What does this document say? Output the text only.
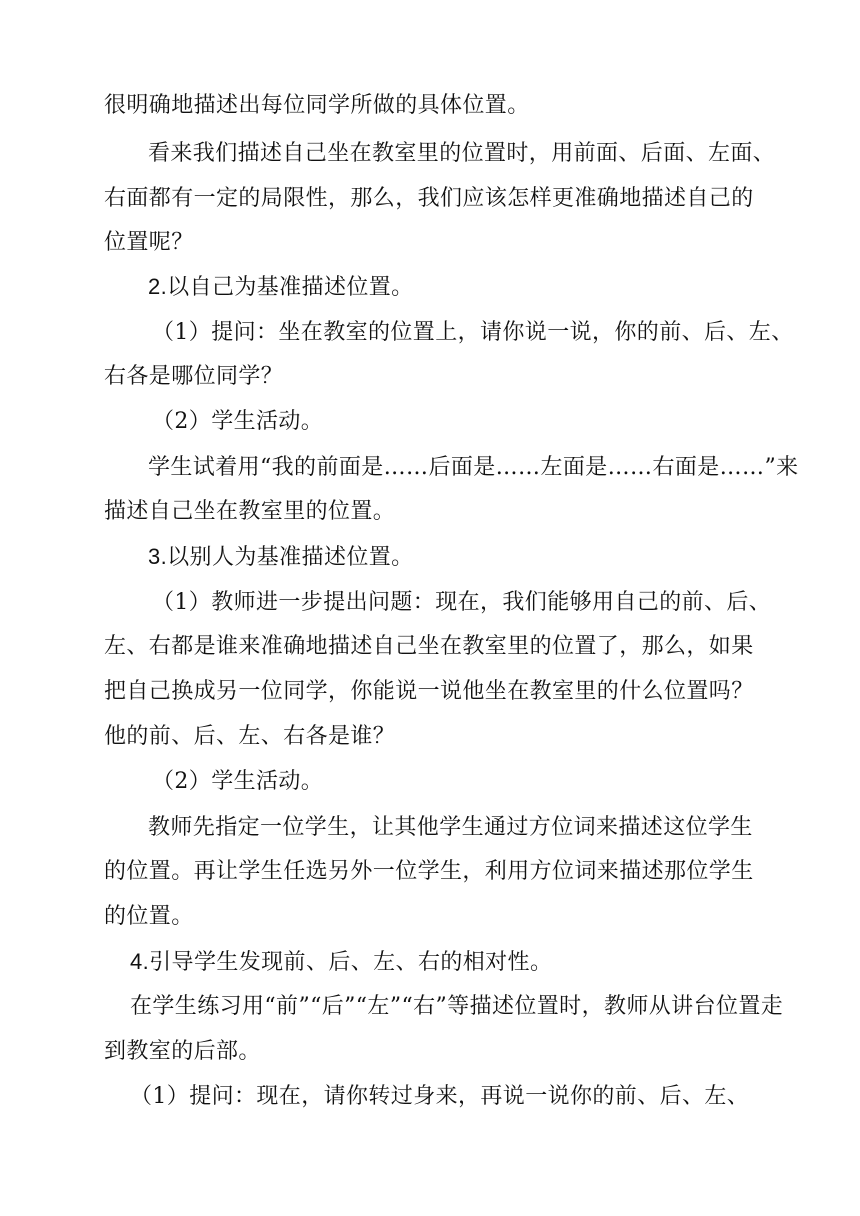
很明确地描述出每位同学所做的具体位置。
看来我们描述自己坐在教室里的位置时，用前面、后面、左面、
右面都有一定的局限性，那么，我们应该怎样更准确地描述自己的
位置呢？
2.以自己为基准描述位置。
（1）提问：坐在教室的位置上，请你说一说，你的前、后、左、
右各是哪位同学？
（2）学生活动。
学生试着用“我的前面是……后面是……左面是……右面是……”来
描述自己坐在教室里的位置。
3.以别人为基准描述位置。
（1）教师进一步提出问题：现在，我们能够用自己的前、后、
左、右都是谁来准确地描述自己坐在教室里的位置了，那么，如果
把自己换成另一位同学，你能说一说他坐在教室里的什么位置吗？
他的前、后、左、右各是谁？
（2）学生活动。
教师先指定一位学生，让其他学生通过方位词来描述这位学生
的位置。再让学生任选另外一位学生，利用方位词来描述那位学生
的位置。
4.引导学生发现前、后、左、右的相对性。
在学生练习用“前”“后”“左”“右”等描述位置时，教师从讲台位置走
到教室的后部。
（1）提问：现在，请你转过身来，再说一说你的前、后、左、
